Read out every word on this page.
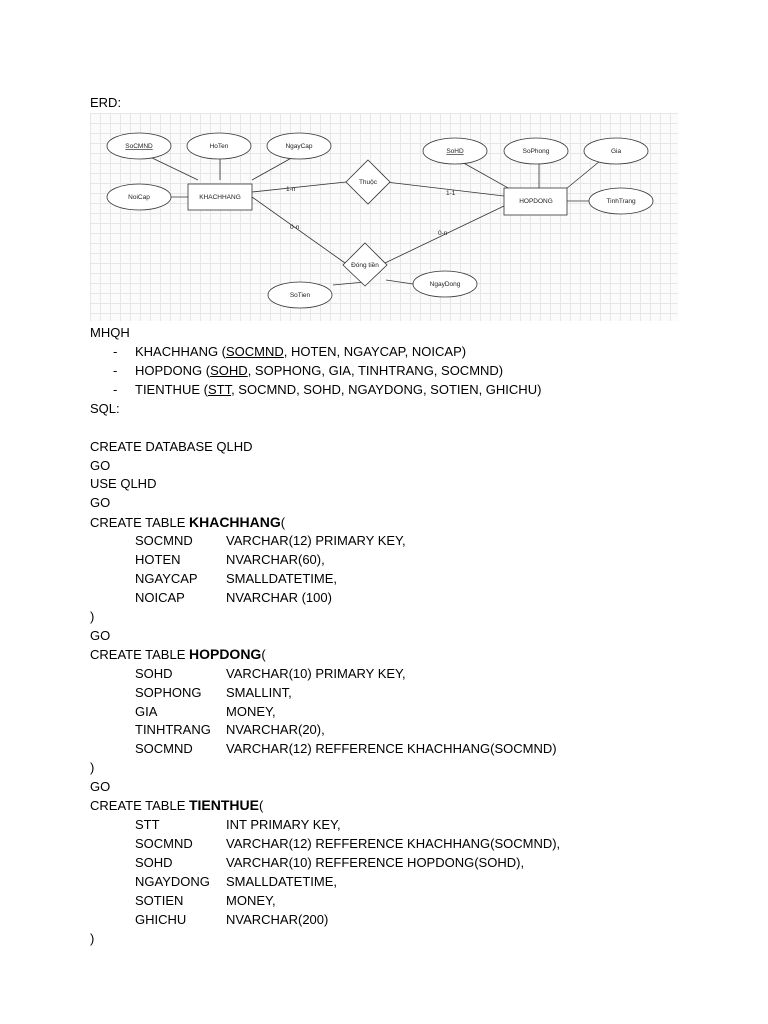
ERD:
SoCMND	HoTen	NgayCap
NoiCap	KHACHHANG
Thuộc
Đóng tiền
SoTien
NgayDong
SoHD	SoPhong	Gia
HOPDONG	TinhTrang
1-n
1-1
0-n
0-n
MHQH
- KHACHHANG (SOCMND, HOTEN, NGAYCAP, NOICAP)
- HOPDONG (SOHD, SOPHONG, GIA, TINHTRANG, SOCMND)
- TIENTHUE (STT, SOCMND, SOHD, NGAYDONG, SOTIEN, GHICHU)
SQL:
CREATE DATABASE QLHD
GO
USE QLHD
GO
CREATE TABLE KHACHHANG(
SOCMND	VARCHAR(12) PRIMARY KEY,
HOTEN	NVARCHAR(60),
NGAYCAP SMALLDATETIME,
NOICAP	NVARCHAR (100)
)
GO
CREATE TABLE HOPDONG(
SOHD	VARCHAR(10) PRIMARY KEY,
SOPHONG SMALLINT,
GIA	MONEY,
TINHTRANG NVARCHAR(20),
SOCMND	VARCHAR(12) REFFERENCE KHACHHANG(SOCMND)
)
GO
CREATE TABLE TIENTHUE(
STT	INT PRIMARY KEY,
SOCMND	VARCHAR(12) REFFERENCE KHACHHANG(SOCMND),
SOHD	VARCHAR(10) REFFERENCE HOPDONG(SOHD),
NGAYDONG SMALLDATETIME,
SOTIEN	MONEY,
GHICHU	NVARCHAR(200)
)
